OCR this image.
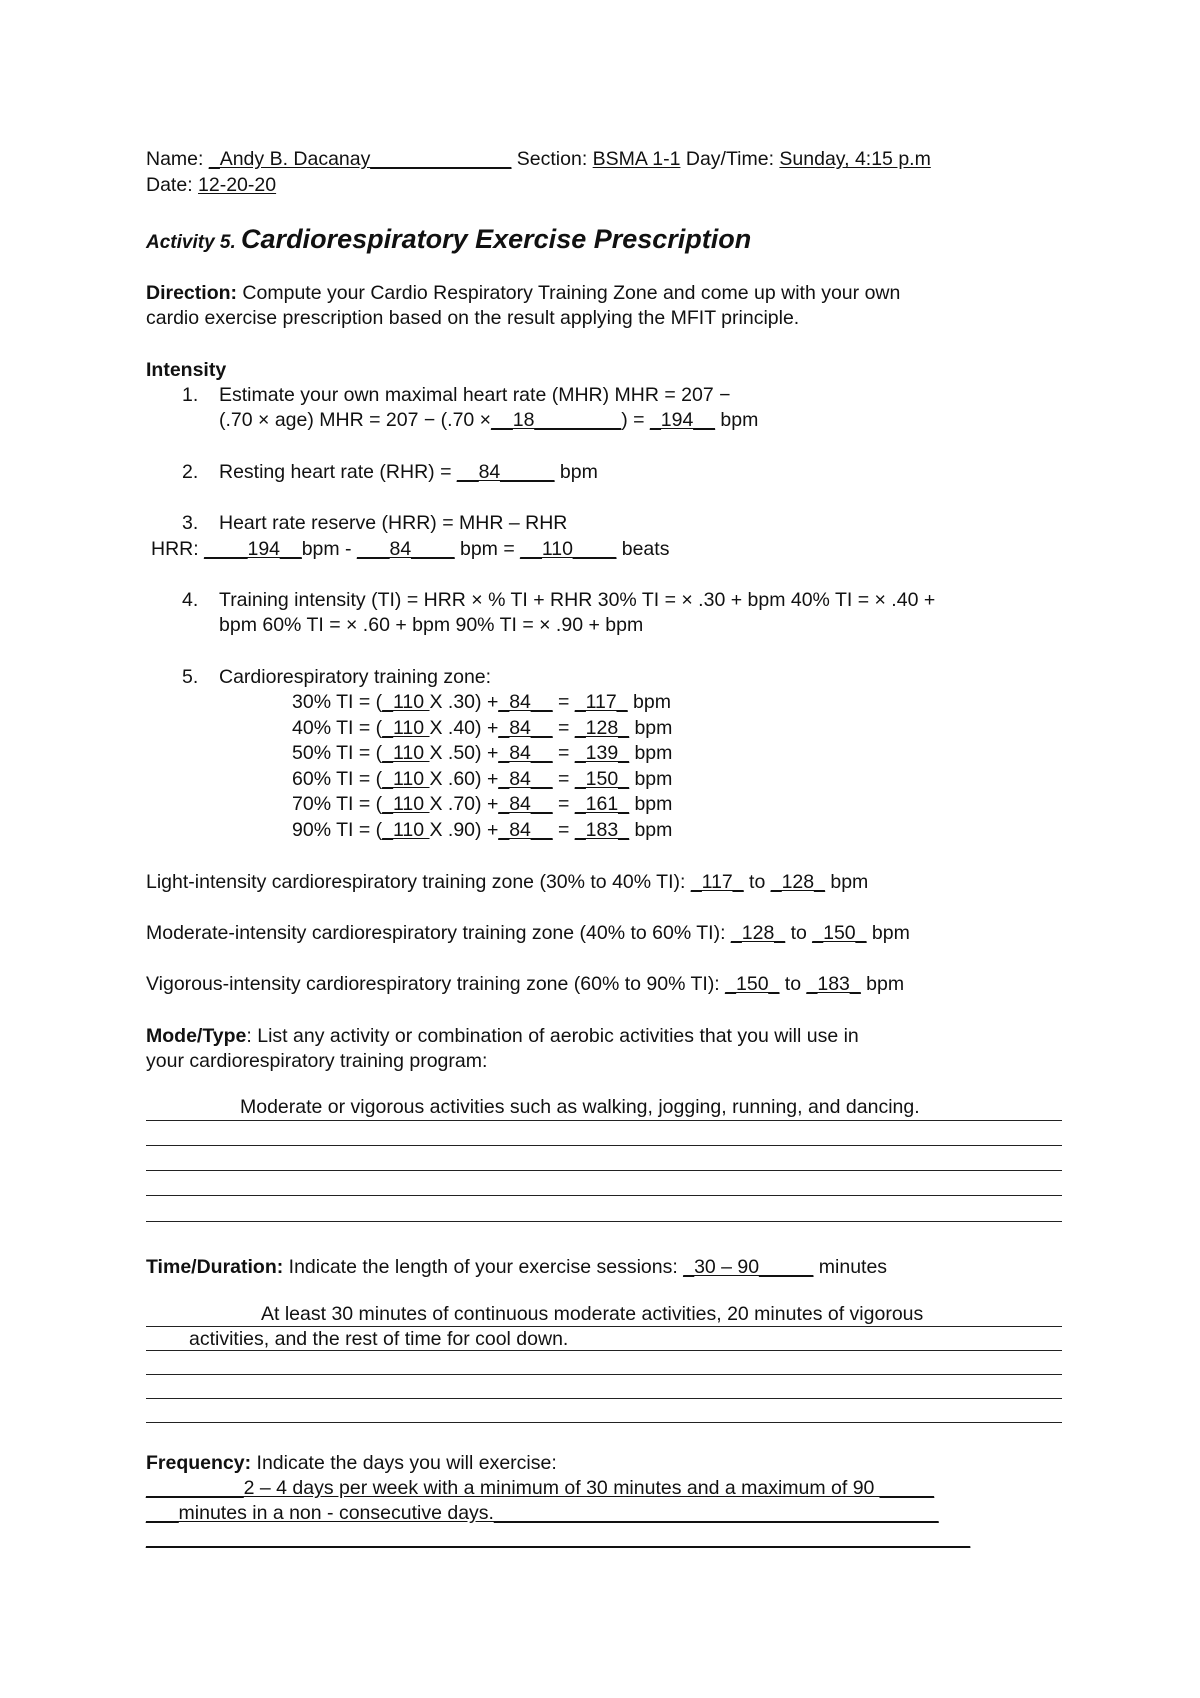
Name: _Andy B. Dacanay_____________ Section: BSMA 1-1 Day/Time: Sunday, 4:15 p.m
Date: 12-20-20
Activity 5. Cardiorespiratory Exercise Prescription
Direction: Compute your Cardio Respiratory Training Zone and come up with your own
cardio exercise prescription based on the result applying the MFIT principle.
Intensity
1. Estimate your own maximal heart rate (MHR) MHR = 207 −
(.70 × age) MHR = 207 − (.70 ×__18________) = _194__ bpm
2. Resting heart rate (RHR) = __84_____ bpm
3. Heart rate reserve (HRR) = MHR – RHR
HRR: ____194__bpm - ___84____ bpm = __110____ beats
4. Training intensity (TI) = HRR × % TI + RHR 30% TI = × .30 + bpm 40% TI = × .40 +
bpm 60% TI = × .60 + bpm 90% TI = × .90 + bpm
5. Cardiorespiratory training zone:
30% TI = (_110 X .30) +_84__ = _117_ bpm
40% TI = (_110 X .40) +_84__ = _128_ bpm
50% TI = (_110 X .50) +_84__ = _139_ bpm
60% TI = (_110 X .60) +_84__ = _150_ bpm
70% TI = (_110 X .70) +_84__ = _161_ bpm
90% TI = (_110 X .90) +_84__ = _183_ bpm
Light-intensity cardiorespiratory training zone (30% to 40% TI): _117_ to _128_ bpm
Moderate-intensity cardiorespiratory training zone (40% to 60% TI): _128_ to _150_ bpm
Vigorous-intensity cardiorespiratory training zone (60% to 90% TI): _150_ to _183_ bpm
Mode/Type: List any activity or combination of aerobic activities that you will use in
your cardiorespiratory training program:
Moderate or vigorous activities such as walking, jogging, running, and dancing.
Time/Duration: Indicate the length of your exercise sessions: _30 – 90_____ minutes
At least 30 minutes of continuous moderate activities, 20 minutes of vigorous
activities, and the rest of time for cool down.
Frequency: Indicate the days you will exercise:
_________2 – 4 days per week with a minimum of 30 minutes and a maximum of 90 _____
___minutes in a non - consecutive days._________________________________________
____________________________________________________________________________
